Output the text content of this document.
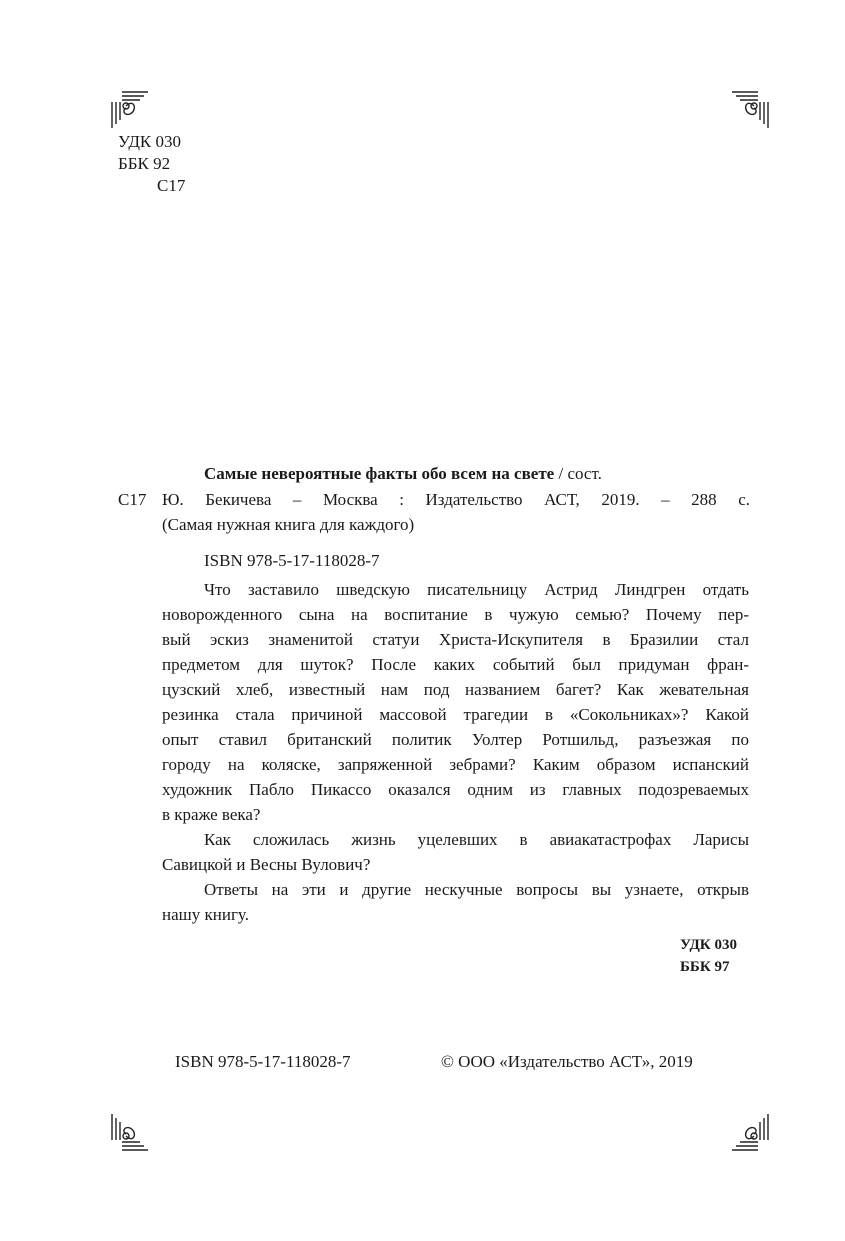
УДК 030
ББК 92
С17
Самые невероятные факты обо всем на свете / сост.
С17 Ю. Бекичева – Москва : Издательство АСТ, 2019. – 288 с.
(Самая нужная книга для каждого)
ISBN 978-5-17-118028-7
Что заставило шведскую писательницу Астрид Линдгрен отдать
новорожденного сына на воспитание в чужую семью? Почему пер-
вый эскиз знаменитой статуи Христа-Искупителя в Бразилии стал
предметом для шуток? После каких событий был придуман фран-
цузский хлеб, известный нам под названием багет? Как жевательная
резинка стала причиной массовой трагедии в «Сокольниках»? Какой
опыт ставил британский политик Уолтер Ротшильд, разъезжая по
городу на коляске, запряженной зебрами? Каким образом испанский
художник Пабло Пикассо оказался одним из главных подозреваемых
в краже века?
Как сложилась жизнь уцелевших в авиакатастрофах Ларисы
Савицкой и Весны Вулович?
Ответы на эти и другие нескучные вопросы вы узнаете, открыв
нашу книгу.
УДК 030
ББК 97
ISBN 978-5-17-118028-7	© ООО «Издательство АСТ», 2019
